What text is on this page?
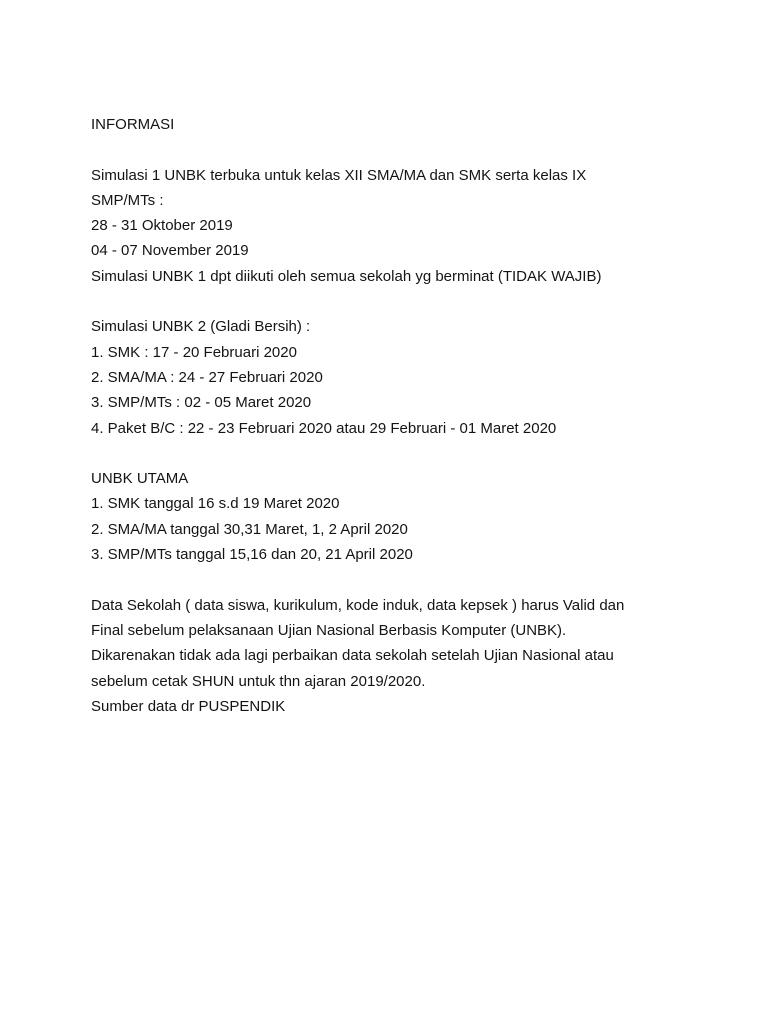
INFORMASI
Simulasi 1 UNBK terbuka untuk kelas XII SMA/MA dan SMK serta kelas IX
SMP/MTs :
28 - 31 Oktober 2019
04 - 07 November 2019
Simulasi UNBK 1 dpt diikuti oleh semua sekolah yg berminat (TIDAK WAJIB)
Simulasi UNBK 2 (Gladi Bersih) :
1. SMK : 17 - 20 Februari 2020
2. SMA/MA : 24 - 27 Februari 2020
3. SMP/MTs : 02 - 05 Maret 2020
4. Paket B/C : 22 - 23 Februari 2020 atau 29 Februari - 01 Maret 2020
UNBK UTAMA
1. SMK tanggal 16 s.d 19 Maret 2020
2. SMA/MA tanggal 30,31 Maret, 1, 2 April 2020
3. SMP/MTs tanggal 15,16 dan 20, 21 April 2020
Data Sekolah ( data siswa, kurikulum, kode induk, data kepsek ) harus Valid dan
Final sebelum pelaksanaan Ujian Nasional Berbasis Komputer (UNBK).
Dikarenakan tidak ada lagi perbaikan data sekolah setelah Ujian Nasional atau
sebelum cetak SHUN untuk thn ajaran 2019/2020.
Sumber data dr PUSPENDIK
